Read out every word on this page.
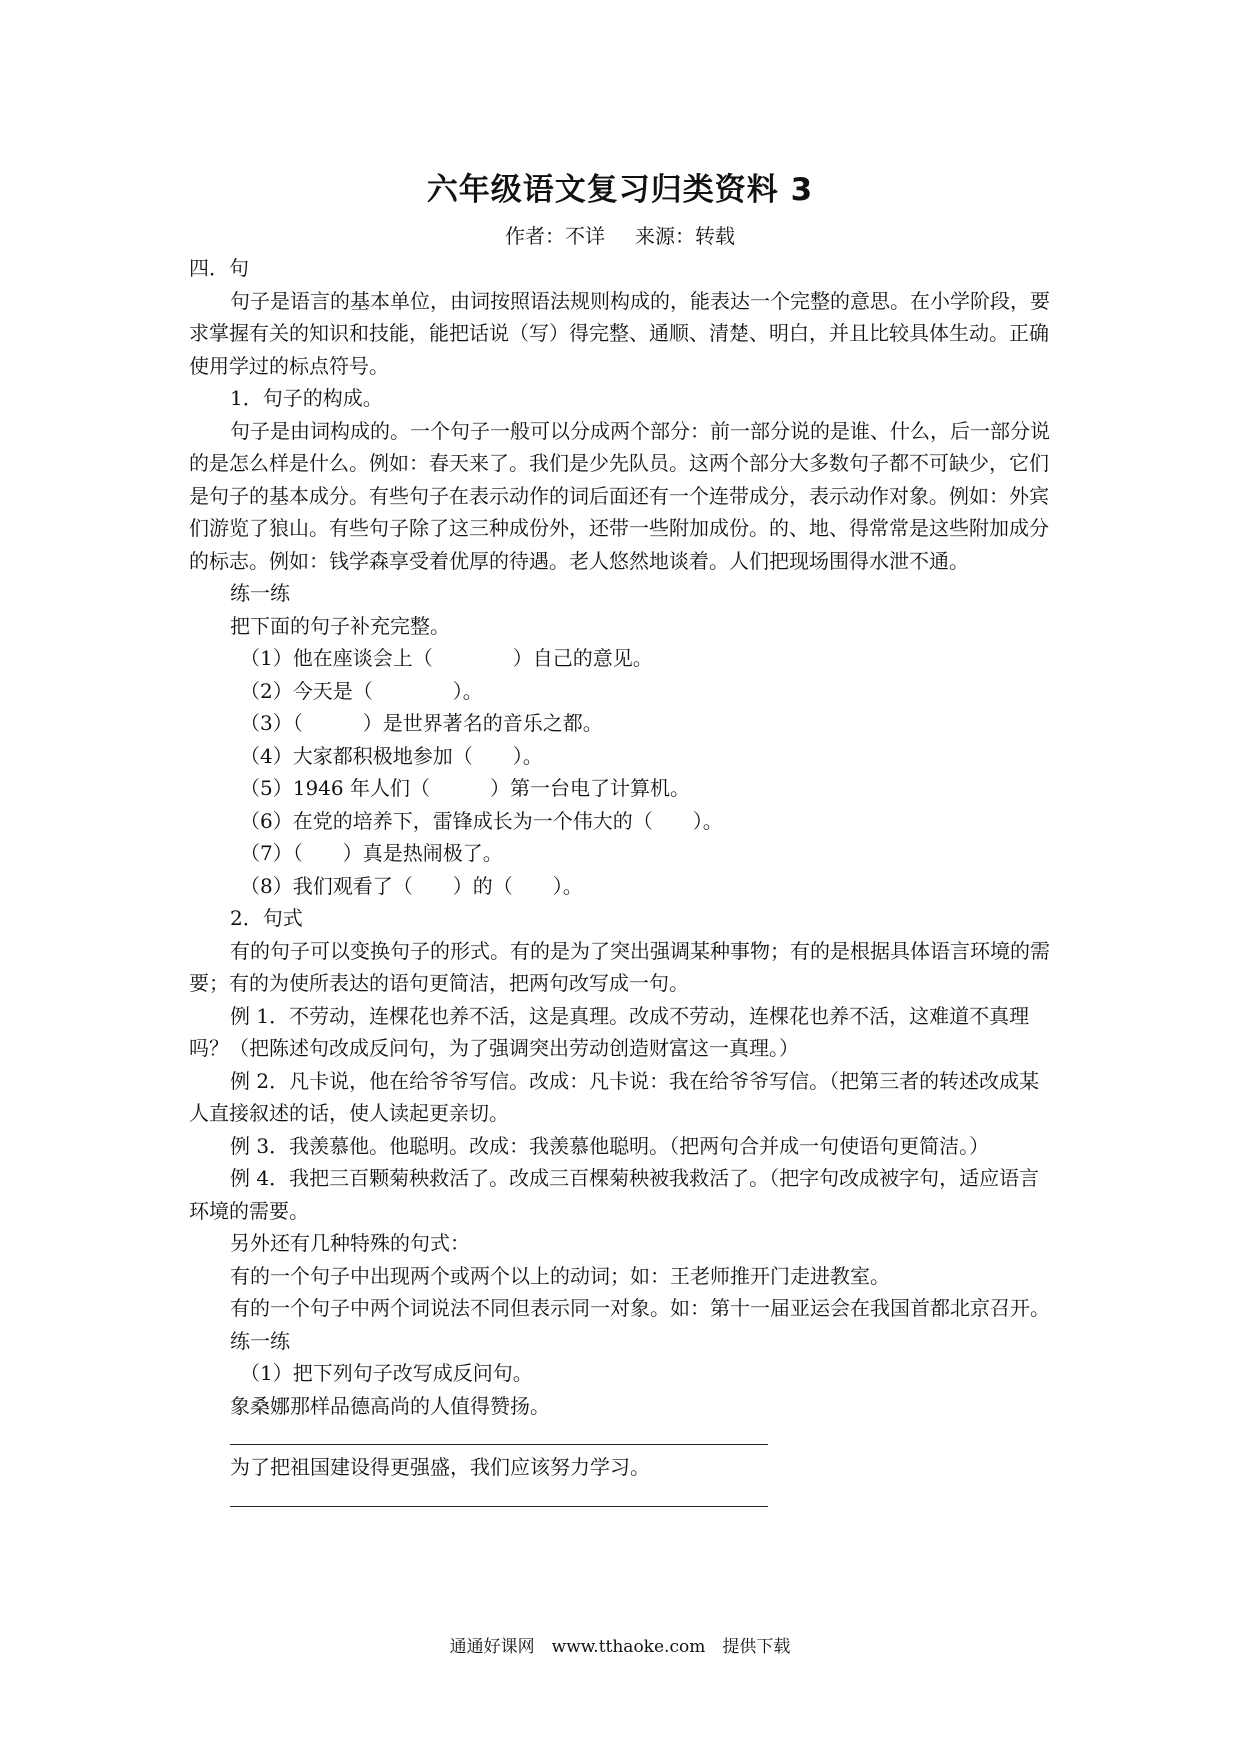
六年级语文复习归类资料 3
作者：不详 来源：转载

四．句

句子是语言的基本单位，由词按照语法规则构成的，能表达一个完整的意思。在小学阶段，要求掌握有关的知识和技能，能把话说（写）得完整、通顺、清楚、明白，并且比较具体生动。正确使用学过的标点符号。

1．句子的构成。

句子是由词构成的。一个句子一般可以分成两个部分：前一部分说的是谁、什么，后一部分说的是怎么样是什么。例如：春天来了。我们是少先队员。这两个部分大多数句子都不可缺少，它们是句子的基本成分。有些句子在表示动作的词后面还有一个连带成分，表示动作对象。例如：外宾们游览了狼山。有些句子除了这三种成份外，还带一些附加成份。的、地、得常常是这些附加成分的标志。例如：钱学森享受着优厚的待遇。老人悠然地谈着。人们把现场围得水泄不通。

练一练

把下面的句子补充完整。

（1）他在座谈会上（　　　　）自己的意见。

（2）今天是（　　　　）。

（3）（　　　）是世界著名的音乐之都。

（4）大家都积极地参加（　　）。

（5）1946 年人们（　　　）第一台电了计算机。

（6）在党的培养下，雷锋成长为一个伟大的（　　）。

（7）（　　）真是热闹极了。

（8）我们观看了（　　）的（　　）。

2．句式

有的句子可以变换句子的形式。有的是为了突出强调某种事物；有的是根据具体语言环境的需要；有的为使所表达的语句更简洁，把两句改写成一句。

例 1．不劳动，连棵花也养不活，这是真理。改成不劳动，连棵花也养不活，这难道不真理吗？（把陈述句改成反问句，为了强调突出劳动创造财富这一真理。）

例 2．凡卡说，他在给爷爷写信。改成：凡卡说：我在给爷爷写信。（把第三者的转述改成某人直接叙述的话，使人读起更亲切。

例 3．我羡慕他。他聪明。改成：我羡慕他聪明。（把两句合并成一句使语句更简洁。）

例 4．我把三百颗菊秧救活了。改成三百棵菊秧被我救活了。（把字句改成被字句，适应语言环境的需要。

另外还有几种特殊的句式：

有的一个句子中出现两个或两个以上的动词；如：王老师推开门走进教室。

有的一个句子中两个词说法不同但表示同一对象。如：第十一届亚运会在我国首都北京召开。

练一练

（1）把下列句子改写成反问句。

象桑娜那样品德高尚的人值得赞扬。

为了把祖国建设得更强盛，我们应该努力学习。

通通好课网　www.tthaoke.com　提供下载
